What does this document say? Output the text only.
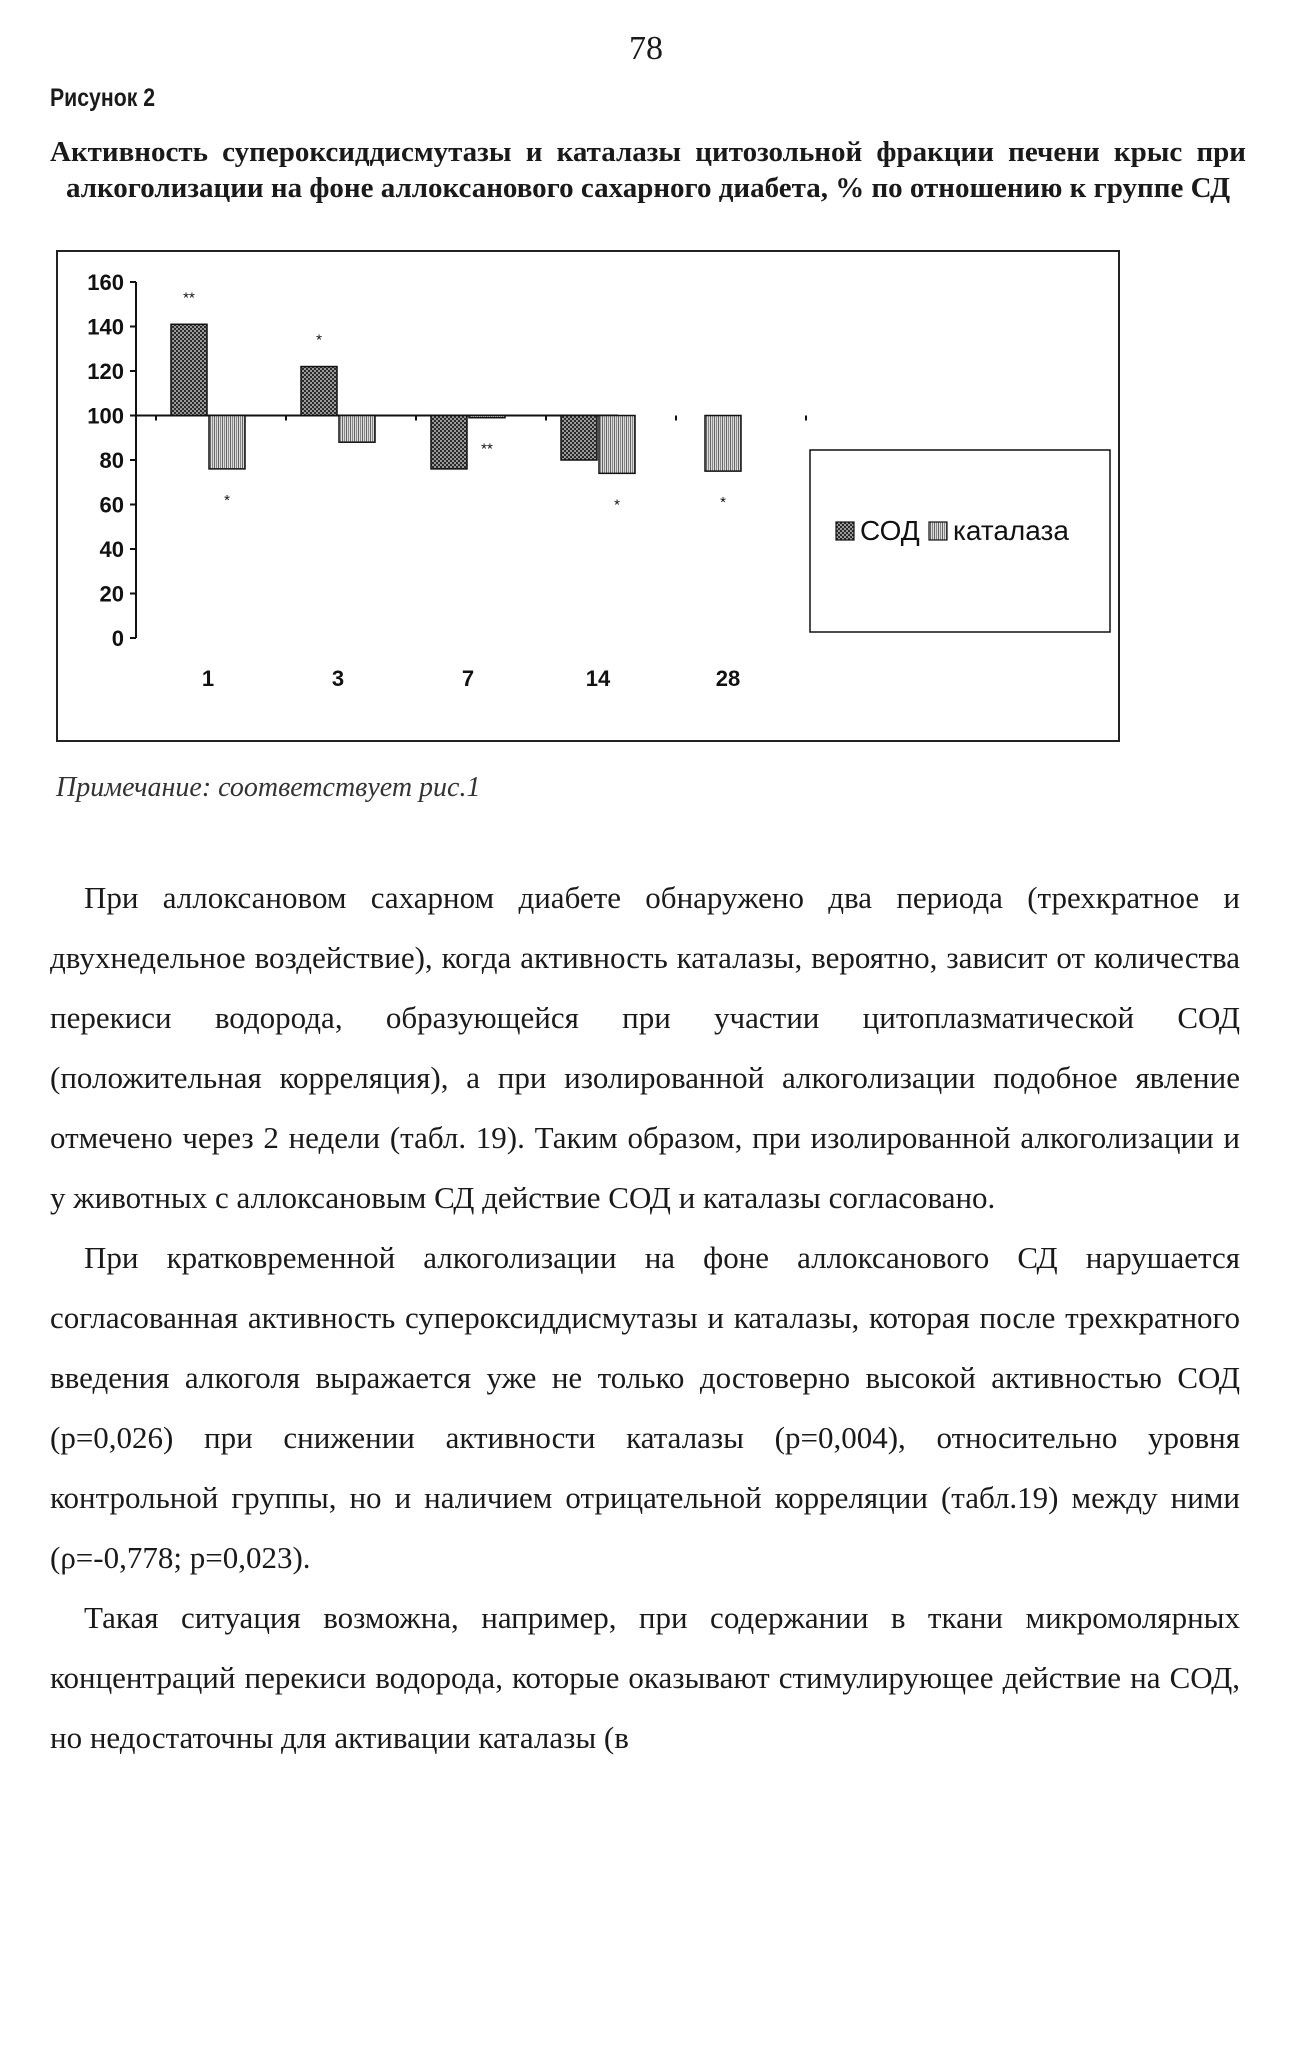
78
Рисунок 2
Активность супероксиддисмутазы и каталазы цитозольной фракции печени крыс при алкоголизации на фоне аллоксанового сахарного диабета, % по отношению к группе СД
160
140
120
100
80
60
40
20
0
1
**
*
3
*
7
**
14
*
28
*
СОД каталаза
Примечание: соответствует рис.1

При аллоксановом сахарном диабете обнаружено два периода (трехкратное и двухнедельное воздействие), когда активность каталазы, вероятно, зависит от количества перекиси водорода, образующейся при участии цитоплазматической СОД (положительная корреляция), а при изолированной алкоголизации подобное явление отмечено через 2 недели (табл. 19). Таким образом, при изолированной алкоголизации и у животных с аллоксановым СД действие СОД и каталазы согласовано.

При кратковременной алкоголизации на фоне аллоксанового СД нарушается согласованная активность супероксиддисмутазы и каталазы, которая после трехкратного введения алкоголя выражается уже не только достоверно высокой активностью СОД (р=0,026) при снижении активности каталазы (р=0,004), относительно уровня контрольной группы, но и наличием отрицательной корреляции (табл.19) между ними (ρ=-0,778; р=0,023).

Такая ситуация возможна, например, при содержании в ткани микромолярных концентраций перекиси водорода, которые оказывают стимулирующее действие на СОД, но недостаточны для активации каталазы (в
